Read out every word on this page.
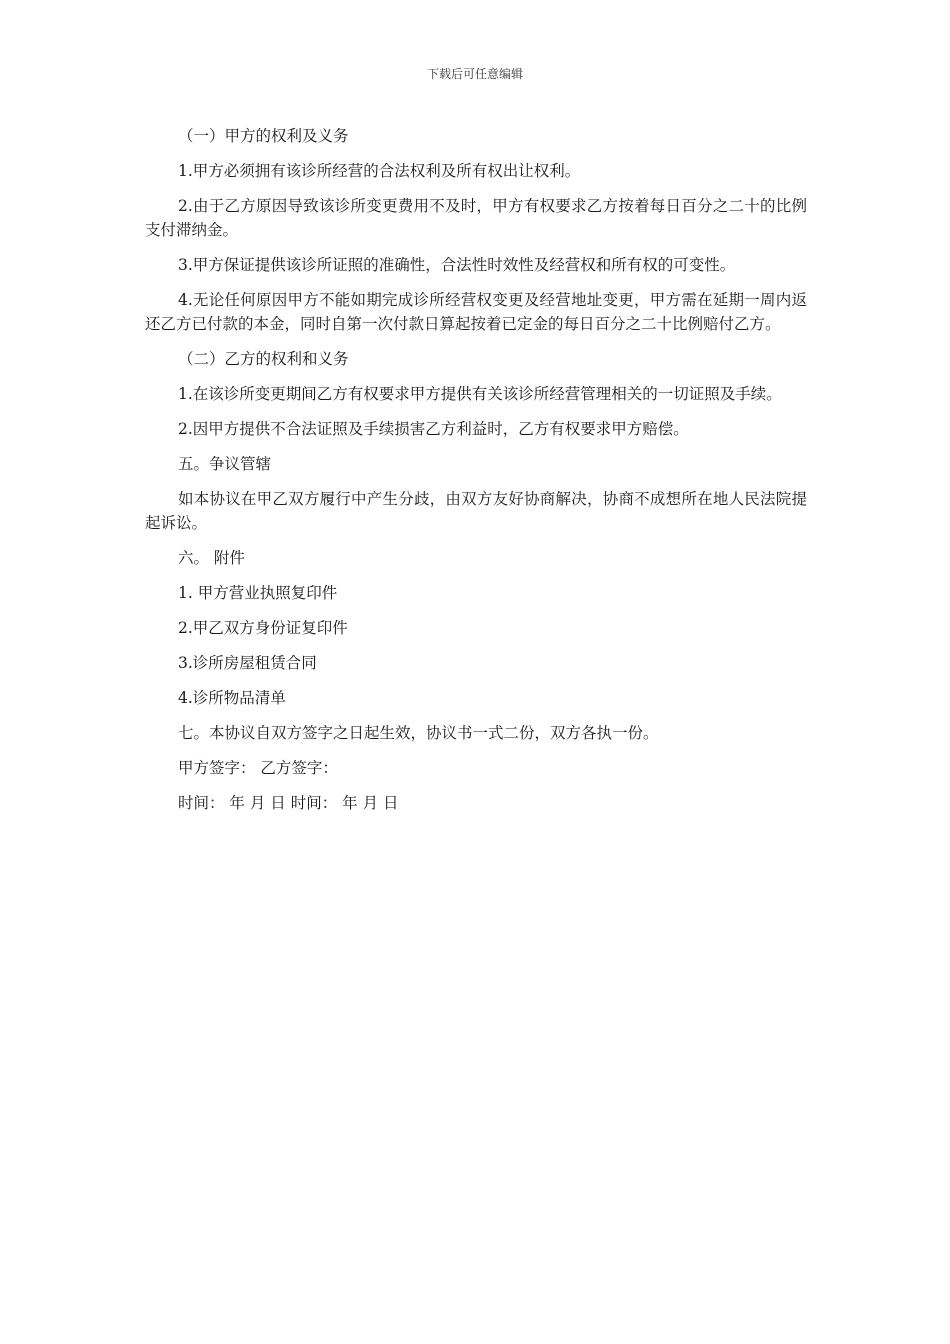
下载后可任意编辑

（一）甲方的权利及义务

1.甲方必须拥有该诊所经营的合法权利及所有权出让权利。

2.由于乙方原因导致该诊所变更费用不及时，甲方有权要求乙方按着每日百分之二十的比例支付滞纳金。

3.甲方保证提供该诊所证照的准确性，合法性时效性及经营权和所有权的可变性。

4.无论任何原因甲方不能如期完成诊所经营权变更及经营地址变更，甲方需在延期一周内返还乙方已付款的本金，同时自第一次付款日算起按着已定金的每日百分之二十比例赔付乙方。

（二）乙方的权利和义务

1.在该诊所变更期间乙方有权要求甲方提供有关该诊所经营管理相关的一切证照及手续。

2.因甲方提供不合法证照及手续损害乙方利益时，乙方有权要求甲方赔偿。

五。争议管辖

如本协议在甲乙双方履行中产生分歧，由双方友好协商解决，协商不成想所在地人民法院提起诉讼。

六。 附件

1. 甲方营业执照复印件

2.甲乙双方身份证复印件

3.诊所房屋租赁合同

4.诊所物品清单

七。本协议自双方签字之日起生效，协议书一式二份，双方各执一份。

甲方签字： 乙方签字：

时间： 年 月 日 时间： 年 月 日
